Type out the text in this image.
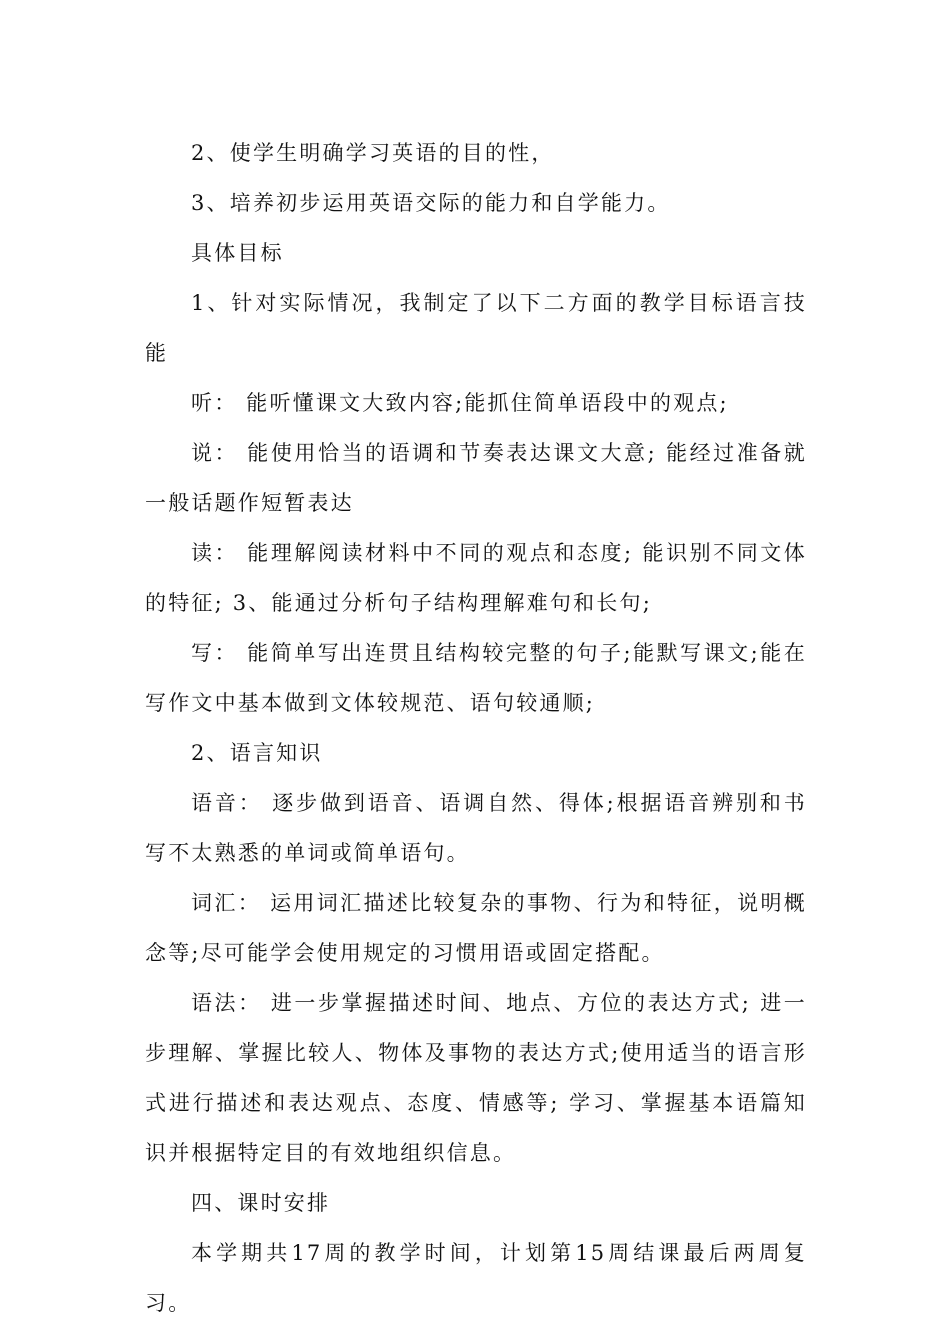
2、使学生明确学习英语的目的性，

3、培养初步运用英语交际的能力和自学能力。

具体目标

1、针对实际情况，我制定了以下二方面的教学目标语言技能

听： 能听懂课文大致内容;能抓住简单语段中的观点;

说： 能使用恰当的语调和节奏表达课文大意; 能经过准备就一般话题作短暂表达

读： 能理解阅读材料中不同的观点和态度; 能识别不同文体的特征; 3、能通过分析句子结构理解难句和长句;

写： 能简单写出连贯且结构较完整的句子;能默写课文;能在写作文中基本做到文体较规范、语句较通顺;

2、语言知识

语音： 逐步做到语音、语调自然、得体;根据语音辨别和书写不太熟悉的单词或简单语句。

词汇： 运用词汇描述比较复杂的事物、行为和特征，说明概念等;尽可能学会使用规定的习惯用语或固定搭配。

语法： 进一步掌握描述时间、地点、方位的表达方式; 进一步理解、掌握比较人、物体及事物的表达方式;使用适当的语言形式进行描述和表达观点、态度、情感等; 学习、掌握基本语篇知识并根据特定目的有效地组织信息。

四、课时安排

本学期共17周的教学时间，计划第15周结课最后两周复习。
